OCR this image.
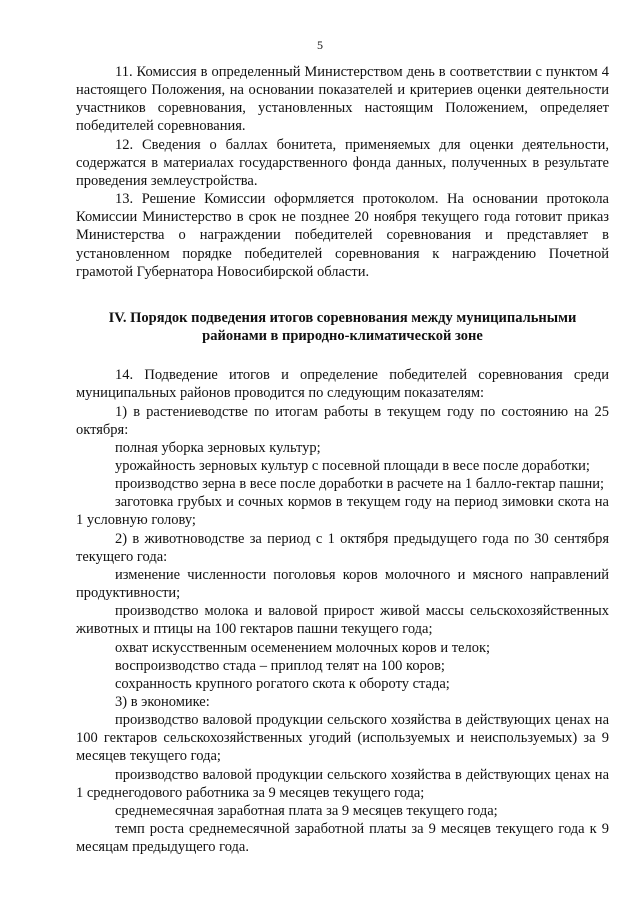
5

11. Комиссия в определенный Министерством день в соответствии с пунктом 4 настоящего Положения, на основании показателей и критериев оценки деятельности участников соревнования, установленных настоящим Положением, определяет победителей соревнования.

12. Сведения о баллах бонитета, применяемых для оценки деятельности, содержатся в материалах государственного фонда данных, полученных в результате проведения землеустройства.

13. Решение Комиссии оформляется протоколом. На основании протокола Комиссии Министерство в срок не позднее 20 ноября текущего года готовит приказ Министерства о награждении победителей соревнования и представляет в установленном порядке победителей соревнования к награждению Почетной грамотой Губернатора Новосибирской области.

IV. Порядок подведения итогов соревнования между муниципальными районами в природно-климатической зоне

14. Подведение итогов и определение победителей соревнования среди муниципальных районов проводится по следующим показателям:

1) в растениеводстве по итогам работы в текущем году по состоянию на 25 октября:

полная уборка зерновых культур;

урожайность зерновых культур с посевной площади в весе после доработки;

производство зерна в весе после доработки в расчете на 1 балло-гектар пашни;

заготовка грубых и сочных кормов в текущем году на период зимовки скота на 1 условную голову;

2) в животноводстве за период с 1 октября предыдущего года по 30 сентября текущего года:

изменение численности поголовья коров молочного и мясного направлений продуктивности;

производство молока и валовой прирост живой массы сельскохозяйственных животных и птицы на 100 гектаров пашни текущего года;

охват искусственным осеменением молочных коров и телок;

воспроизводство стада – приплод телят на 100 коров;

сохранность крупного рогатого скота к обороту стада;

3) в экономике:

производство валовой продукции сельского хозяйства в действующих ценах на 100 гектаров сельскохозяйственных угодий (используемых и неиспользуемых) за 9 месяцев текущего года;

производство валовой продукции сельского хозяйства в действующих ценах на 1 среднегодового работника за 9 месяцев текущего года;

среднемесячная заработная плата за 9 месяцев текущего года;

темп роста среднемесячной заработной платы за 9 месяцев текущего года к 9 месяцам предыдущего года.
